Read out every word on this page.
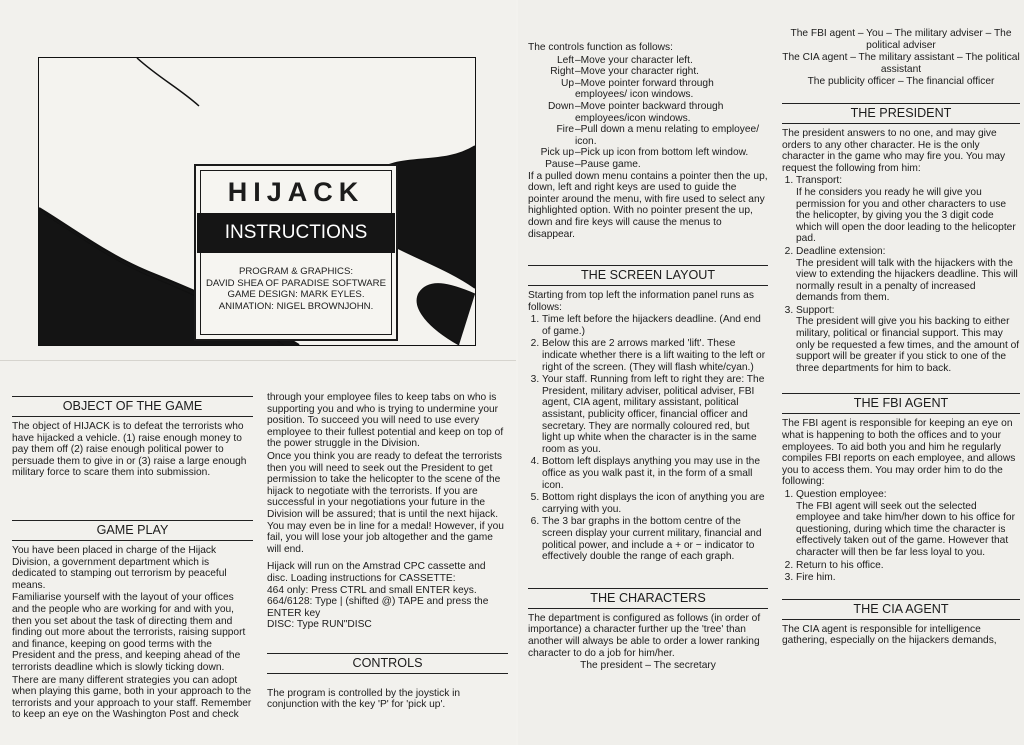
HIJACK
INSTRUCTIONS
PROGRAM & GRAPHICS:
DAVID SHEA OF PARADISE SOFTWARE
GAME DESIGN: MARK EYLES.
ANIMATION: NIGEL BROWNJOHN.
OBJECT OF THE GAME

The object of HIJACK is to defeat the terrorists who have hijacked a vehicle. (1) raise enough money to pay them off (2) raise enough political power to persuade them to give in or (3) raise a large enough military force to scare them into submission.

GAME PLAY

You have been placed in charge of the Hijack Division, a government department which is dedicated to stamping out terrorism by peaceful means.

Familiarise yourself with the layout of your offices and the people who are working for and with you, then you set about the task of directing them and finding out more about the terrorists, raising support and finance, keeping on good terms with the President and the press, and keeping ahead of the terrorists deadline which is slowly ticking down.

There are many different strategies you can adopt when playing this game, both in your approach to the terrorists and your approach to your staff. Remember to keep an eye on the Washington Post and check

through your employee files to keep tabs on who is supporting you and who is trying to undermine your position. To succeed you will need to use every employee to their fullest potential and keep on top of the power struggle in the Division.

Once you think you are ready to defeat the terrorists then you will need to seek out the President to get permission to take the helicopter to the scene of the hijack to negotiate with the terrorists. If you are successful in your negotiations your future in the Division will be assured; that is until the next hijack. You may even be in line for a medal! However, if you fail, you will lose your job altogether and the game will end.

Hijack will run on the Amstrad CPC cassette and disc. Loading instructions for CASSETTE:
464 only: Press CTRL and small ENTER keys.
664/6128: Type | (shifted @) TAPE and press the ENTER key
DISC: Type RUN"DISC
CONTROLS

The program is controlled by the joystick in conjunction with the key 'P' for 'pick up'.

The controls function as follows:

Left –Move your character left.
Right –Move your character right.
Up –Move pointer forward through employees/ icon windows.
Down –Move pointer backward through employees/icon windows.
Fire –Pull down a menu relating to employee/ icon.
Pick up –Pick up icon from bottom left window.
Pause –Pause game.

If a pulled down menu contains a pointer then the up, down, left and right keys are used to guide the pointer around the menu, with fire used to select any highlighted option. With no pointer present the up, down and fire keys will cause the menus to disappear.

THE SCREEN LAYOUT

Starting from top left the information panel runs as follows:

1. Time left before the hijackers deadline. (And end of game.)
2. Below this are 2 arrows marked 'lift'. These indicate whether there is a lift waiting to the left or right of the screen. (They will flash white/cyan.)
3. Your staff. Running from left to right they are: The President, military adviser, political adviser, FBI agent, CIA agent, military assistant, political assistant, publicity officer, financial officer and secretary. They are normally coloured red, but light up white when the character is in the same room as you.
4. Bottom left displays anything you may use in the office as you walk past it, in the form of a small icon.
5. Bottom right displays the icon of anything you are carrying with you.
6. The 3 bar graphs in the bottom centre of the screen display your current military, financial and political power, and include a + or − indicator to effectively double the range of each graph.
THE CHARACTERS

The department is configured as follows (in order of importance) a character further up the 'tree' than another will always be able to order a lower ranking character to do a job for him/her.

The president – The secretary

The FBI agent – You – The military adviser – The political adviser

The CIA agent – The military assistant – The political assistant

The publicity officer – The financial officer

THE PRESIDENT

The president answers to no one, and may give orders to any other character. He is the only character in the game who may fire you. You may request the following from him:

1. Transport:
If he considers you ready he will give you permission for you and other characters to use the helicopter, by giving you the 3 digit code which will open the door leading to the helicopter pad.
2. Deadline extension:
The president will talk with the hijackers with the view to extending the hijackers deadline. This will normally result in a penalty of increased demands from them.
3. Support:
The president will give you his backing to either military, political or financial support. This may only be requested a few times, and the amount of support will be greater if you stick to one of the three departments for him to back.
THE FBI AGENT

The FBI agent is responsible for keeping an eye on what is happening to both the offices and to your employees. To aid both you and him he regularly compiles FBI reports on each employee, and allows you to access them. You may order him to do the following:

1. Question employee:
The FBI agent will seek out the selected employee and take him/her down to his office for questioning, during which time the character is effectively taken out of the game. However that character will then be far less loyal to you.
2. Return to his office.
3. Fire him.
THE CIA AGENT

The CIA agent is responsible for intelligence gathering, especially on the hijackers demands,
